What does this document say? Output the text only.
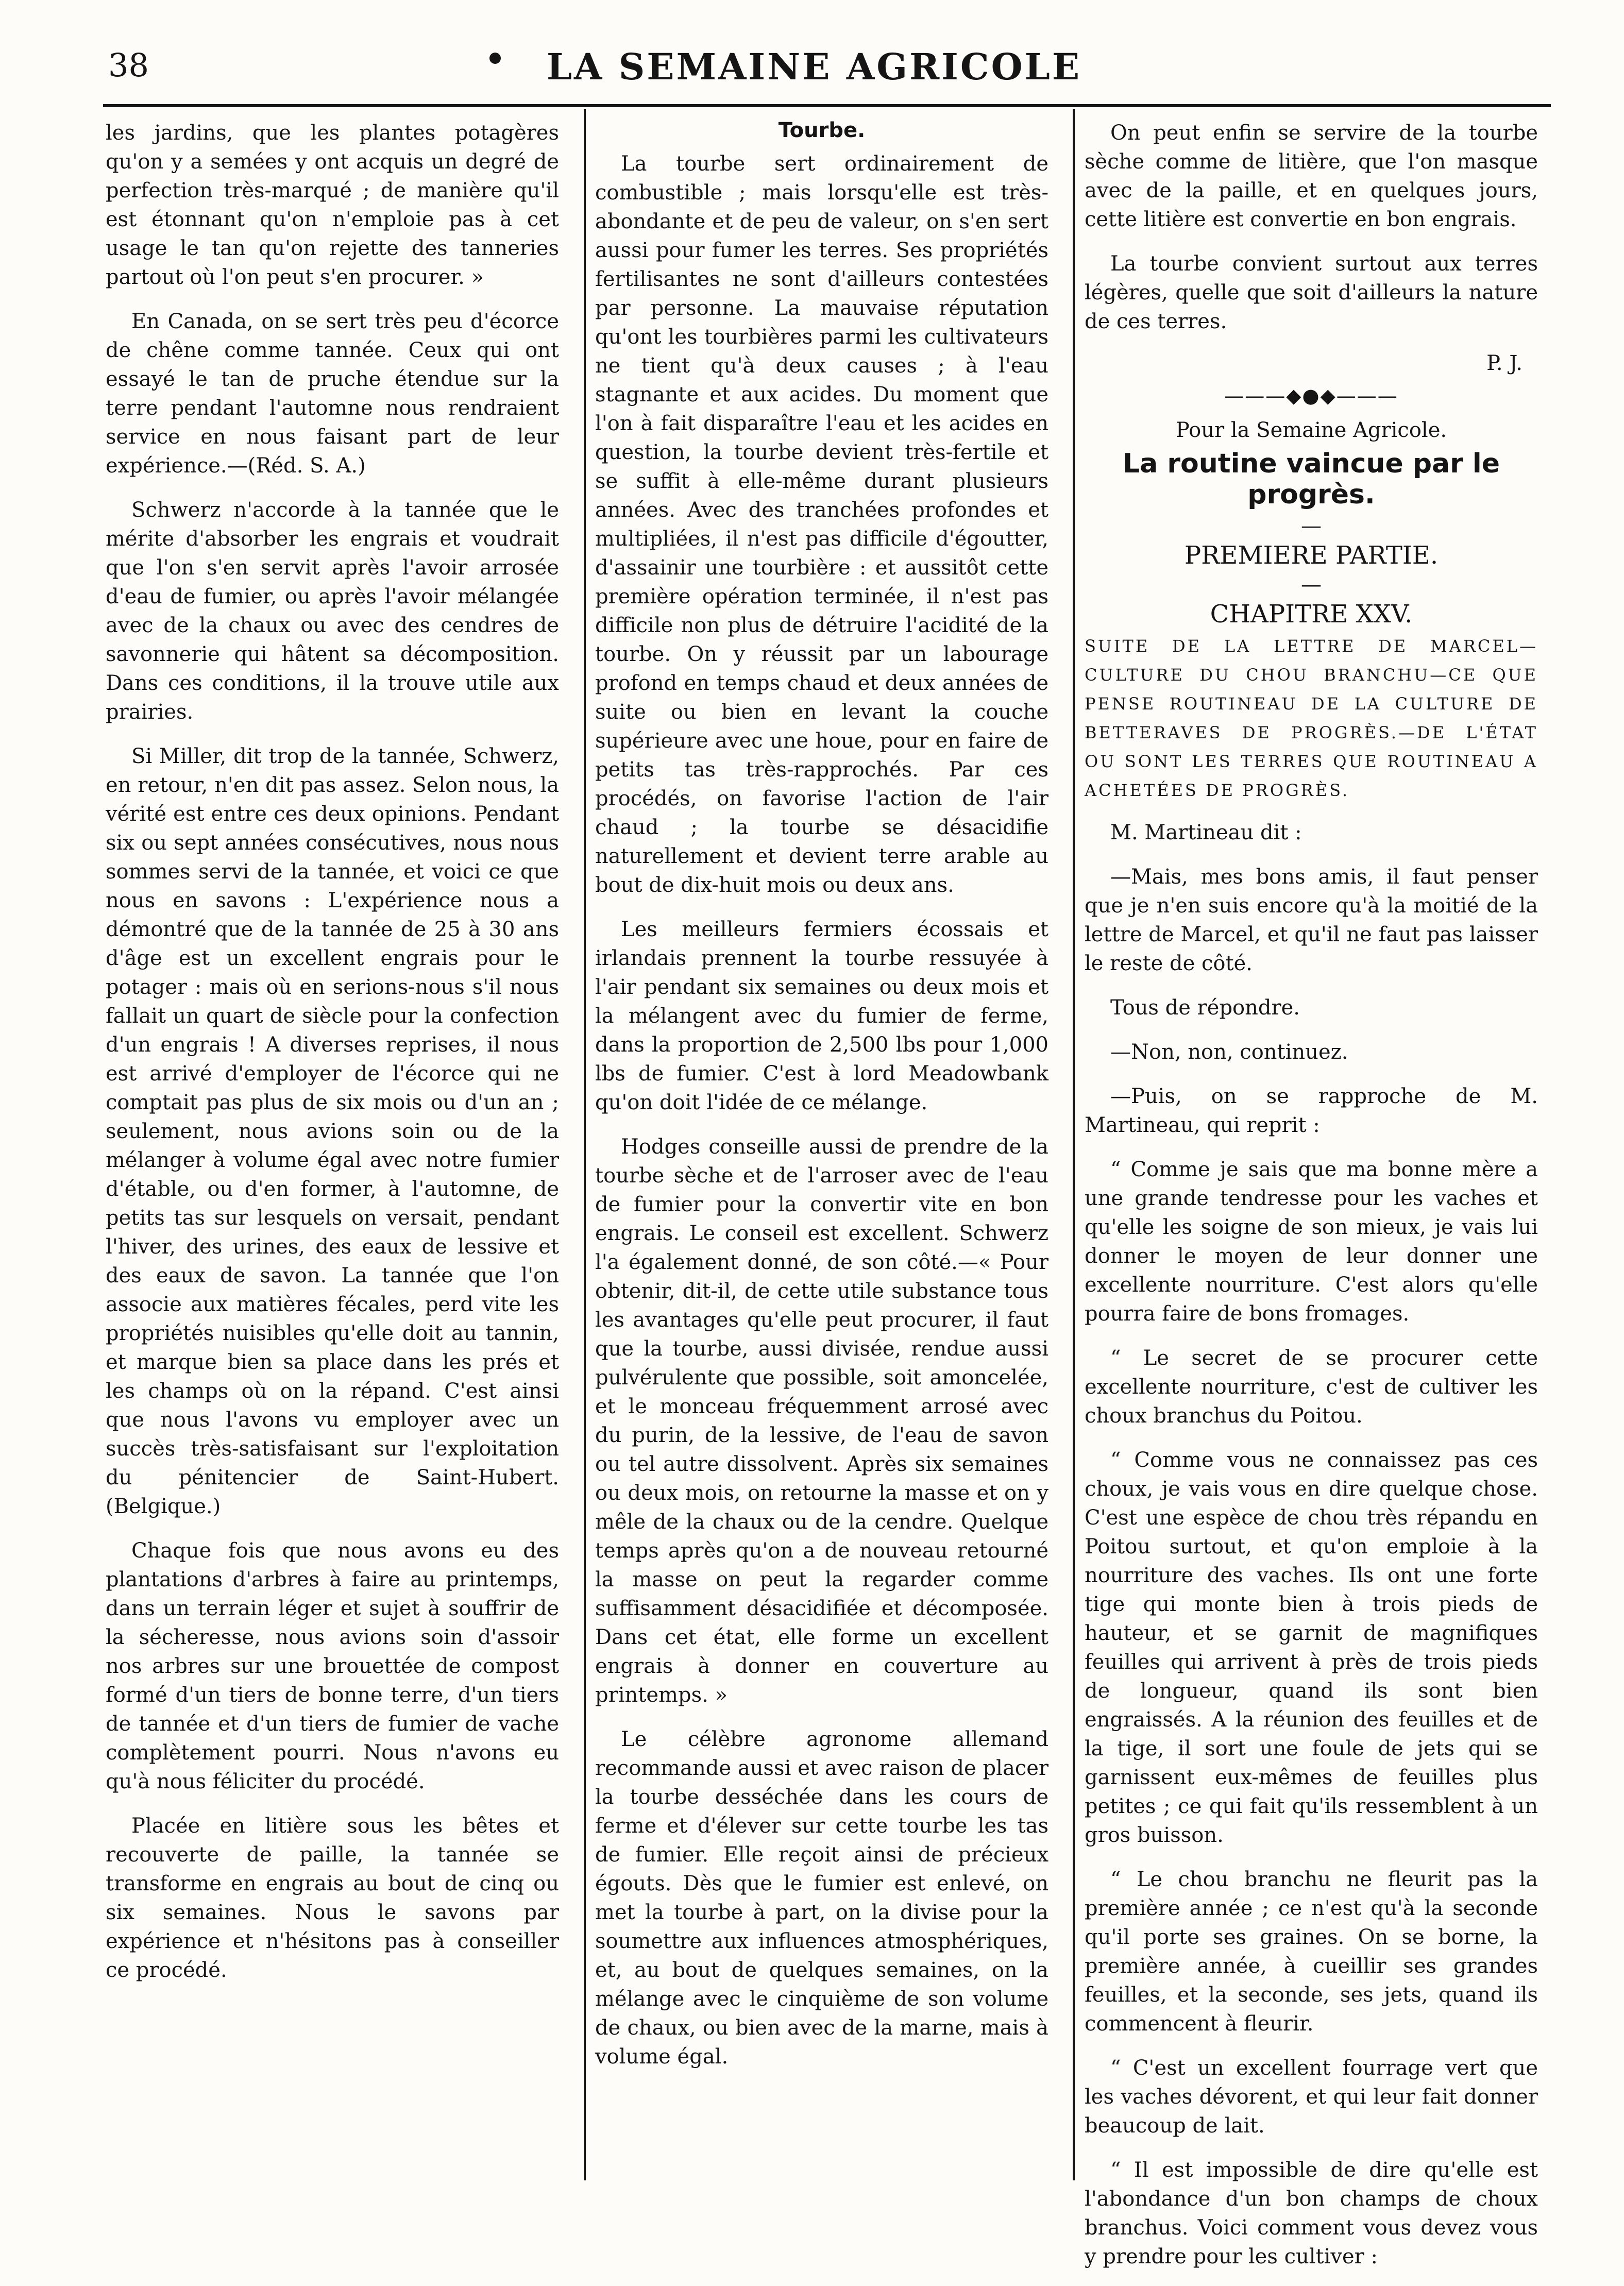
38	LA SEMAINE AGRICOLE

les jardins, que les plantes potagères qu'on y a semées y ont acquis un degré de perfection très-marqué ; de manière qu'il est étonnant qu'on n'emploie pas à cet usage le tan qu'on rejette des tanneries partout où l'on peut s'en procurer. »

En Canada, on se sert très peu d'écorce de chêne comme tannée. Ceux qui ont essayé le tan de pruche étendue sur la terre pendant l'automne nous rendraient service en nous faisant part de leur expérience.—(Réd. S. A.)

Schwerz n'accorde à la tannée que le mérite d'absorber les engrais et voudrait que l'on s'en servit après l'avoir arrosée d'eau de fumier, ou après l'avoir mélangée avec de la chaux ou avec des cendres de savonnerie qui hâtent sa décomposition. Dans ces conditions, il la trouve utile aux prairies.

Si Miller, dit trop de la tannée, Schwerz, en retour, n'en dit pas assez. Selon nous, la vérité est entre ces deux opinions. Pendant six ou sept années consécutives, nous nous sommes servi de la tannée, et voici ce que nous en savons : L'expérience nous a démontré que de la tannée de 25 à 30 ans d'âge est un excellent engrais pour le potager : mais où en serions-nous s'il nous fallait un quart de siècle pour la confection d'un engrais ! A diverses reprises, il nous est arrivé d'employer de l'écorce qui ne comptait pas plus de six mois ou d'un an ; seulement, nous avions soin ou de la mélanger à volume égal avec notre fumier d'étable, ou d'en former, à l'automne, de petits tas sur lesquels on versait, pendant l'hiver, des urines, des eaux de lessive et des eaux de savon. La tannée que l'on associe aux matières fécales, perd vite les propriétés nuisibles qu'elle doit au tannin, et marque bien sa place dans les prés et les champs où on la répand. C'est ainsi que nous l'avons vu employer avec un succès très-satisfaisant sur l'exploitation du pénitencier de Saint-Hubert. (Belgique.)

Chaque fois que nous avons eu des plantations d'arbres à faire au printemps, dans un terrain léger et sujet à souffrir de la sécheresse, nous avions soin d'assoir nos arbres sur une brouettée de compost formé d'un tiers de bonne terre, d'un tiers de tannée et d'un tiers de fumier de vache complètement pourri. Nous n'avons eu qu'à nous féliciter du procédé.

Placée en litière sous les bêtes et recouverte de paille, la tannée se transforme en engrais au bout de cinq ou six semaines. Nous le savons par expérience et n'hésitons pas à conseiller ce procédé.

Tourbe.

La tourbe sert ordinairement de combustible ; mais lorsqu'elle est très-abondante et de peu de valeur, on s'en sert aussi pour fumer les terres. Ses propriétés fertilisantes ne sont d'ailleurs contestées par personne. La mauvaise réputation qu'ont les tourbières parmi les cultivateurs ne tient qu'à deux causes ; à l'eau stagnante et aux acides. Du moment que l'on à fait disparaître l'eau et les acides en question, la tourbe devient très-fertile et se suffit à elle-même durant plusieurs années. Avec des tranchées profondes et multipliées, il n'est pas difficile d'égoutter, d'assainir une tourbière : et aussitôt cette première opération terminée, il n'est pas difficile non plus de détruire l'acidité de la tourbe. On y réussit par un labourage profond en temps chaud et deux années de suite ou bien en levant la couche supérieure avec une houe, pour en faire de petits tas très-rapprochés. Par ces procédés, on favorise l'action de l'air chaud ; la tourbe se désacidifie naturellement et devient terre arable au bout de dix-huit mois ou deux ans.

Les meilleurs fermiers écossais et irlandais prennent la tourbe ressuyée à l'air pendant six semaines ou deux mois et la mélangent avec du fumier de ferme, dans la proportion de 2,500 lbs pour 1,000 lbs de fumier. C'est à lord Meadowbank qu'on doit l'idée de ce mélange.

Hodges conseille aussi de prendre de la tourbe sèche et de l'arroser avec de l'eau de fumier pour la convertir vite en bon engrais. Le conseil est excellent. Schwerz l'a également donné, de son côté.—« Pour obtenir, dit-il, de cette utile substance tous les avantages qu'elle peut procurer, il faut que la tourbe, aussi divisée, rendue aussi pulvérulente que possible, soit amoncelée, et le monceau fréquemment arrosé avec du purin, de la lessive, de l'eau de savon ou tel autre dissolvent. Après six semaines ou deux mois, on retourne la masse et on y mêle de la chaux ou de la cendre. Quelque temps après qu'on a de nouveau retourné la masse on peut la regarder comme suffisamment désacidifiée et décomposée. Dans cet état, elle forme un excellent engrais à donner en couverture au printemps. »

Le célèbre agronome allemand recommande aussi et avec raison de placer la tourbe desséchée dans les cours de ferme et d'élever sur cette tourbe les tas de fumier. Elle reçoit ainsi de précieux égouts. Dès que le fumier est enlevé, on met la tourbe à part, on la divise pour la soumettre aux influences atmosphériques, et, au bout de quelques semaines, on la mélange avec le cinquième de son volume de chaux, ou bien avec de la marne, mais à volume égal.

On peut enfin se servire de la tourbe sèche comme de litière, que l'on masque avec de la paille, et en quelques jours, cette litière est convertie en bon engrais.

La tourbe convient surtout aux terres légères, quelle que soit d'ailleurs la nature de ces terres.

P. J.
———◆●◆———
Pour la Semaine Agricole.
La routine vaincue par le progrès.
—
PREMIERE PARTIE.
—
CHAPITRE XXV.
SUITE DE LA LETTRE DE MARCEL—CULTURE DU CHOU BRANCHU—CE QUE PENSE ROUTINEAU DE LA CULTURE DE BETTERAVES DE PROGRÈS.—DE L'ÉTAT OU SONT LES TERRES QUE ROUTINEAU A ACHETÉES DE PROGRÈS.

M. Martineau dit :

—Mais, mes bons amis, il faut penser que je n'en suis encore qu'à la moitié de la lettre de Marcel, et qu'il ne faut pas laisser le reste de côté.

Tous de répondre.

—Non, non, continuez.

—Puis, on se rapproche de M. Martineau, qui reprit :

“ Comme je sais que ma bonne mère a une grande tendresse pour les vaches et qu'elle les soigne de son mieux, je vais lui donner le moyen de leur donner une excellente nourriture. C'est alors qu'elle pourra faire de bons fromages.

“ Le secret de se procurer cette excellente nourriture, c'est de cultiver les choux branchus du Poitou.

“ Comme vous ne connaissez pas ces choux, je vais vous en dire quelque chose. C'est une espèce de chou très répandu en Poitou surtout, et qu'on emploie à la nourriture des vaches. Ils ont une forte tige qui monte bien à trois pieds de hauteur, et se garnit de magnifiques feuilles qui arrivent à près de trois pieds de longueur, quand ils sont bien engraissés. A la réunion des feuilles et de la tige, il sort une foule de jets qui se garnissent eux-mêmes de feuilles plus petites ; ce qui fait qu'ils ressemblent à un gros buisson.

“ Le chou branchu ne fleurit pas la première année ; ce n'est qu'à la seconde qu'il porte ses graines. On se borne, la première année, à cueillir ses grandes feuilles, et la seconde, ses jets, quand ils commencent à fleurir.

“ C'est un excellent fourrage vert que les vaches dévorent, et qui leur fait donner beaucoup de lait.

“ Il est impossible de dire qu'elle est l'abondance d'un bon champs de choux branchus. Voici comment vous devez vous y prendre pour les cultiver :
